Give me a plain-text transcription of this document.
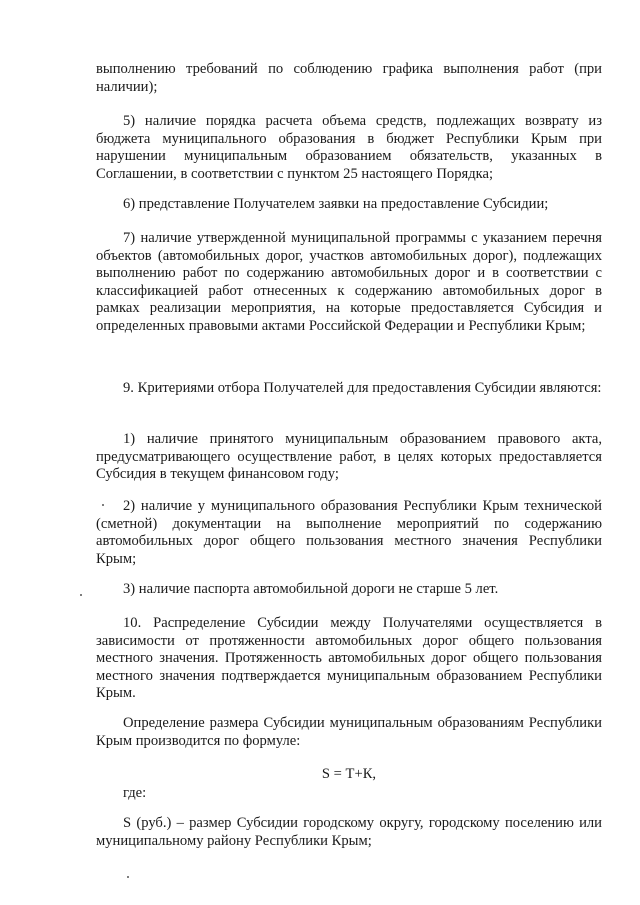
выполнению требований по соблюдению графика выполнения работ (при наличии);

5) наличие порядка расчета объема средств, подлежащих возврату из бюджета муниципального образования в бюджет Республики Крым при нарушении муниципальным образованием обязательств, указанных в Соглашении, в соответствии с пунктом 25 настоящего Порядка;

6) представление Получателем заявки на предоставление Субсидии;

7) наличие утвержденной муниципальной программы с указанием перечня объектов (автомобильных дорог, участков автомобильных дорог), подлежащих выполнению работ по содержанию автомобильных дорог и в соответствии с классификацией работ отнесенных к содержанию автомобильных дорог в рамках реализации мероприятия, на которые предоставляется Субсидия и определенных правовыми актами Российской Федерации и Республики Крым;

9. Критериями отбора Получателей для предоставления Субсидии являются:

1) наличие принятого муниципальным образованием правового акта, предусматривающего осуществление работ, в целях которых предоставляется Субсидия в текущем финансовом году;

2) наличие у муниципального образования Республики Крым технической (сметной) документации на выполнение мероприятий по содержанию автомобильных дорог общего пользования местного значения Республики Крым;

3) наличие паспорта автомобильной дороги не старше 5 лет.

10. Распределение Субсидии между Получателями осуществляется в зависимости от протяженности автомобильных дорог общего пользования местного значения. Протяженность автомобильных дорог общего пользования местного значения подтверждается муниципальным образованием Республики Крым.

Определение размера Субсидии муниципальным образованиям Республики Крым производится по формуле:

S = Т+К,

где:

S (руб.) – размер Субсидии городскому округу, городскому поселению или муниципальному району Республики Крым;
